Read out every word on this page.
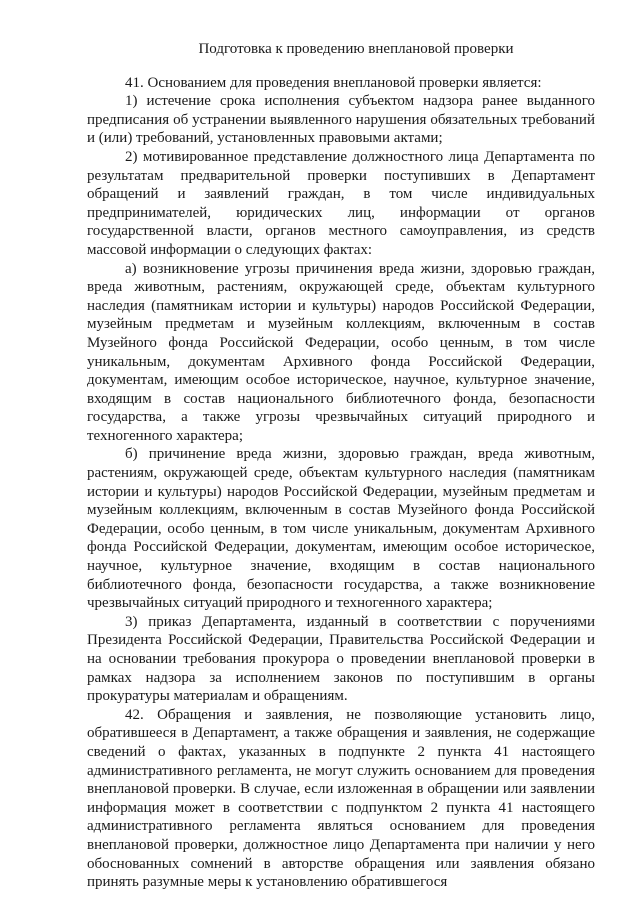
Подготовка к проведению внеплановой проверки

41. Основанием для проведения внеплановой проверки является:

1) истечение срока исполнения субъектом надзора ранее выданного предписания об устранении выявленного нарушения обязательных требований и (или) требований, установленных правовыми актами;

2) мотивированное представление должностного лица Департамента по результатам предварительной проверки поступивших в Департамент обращений и заявлений граждан, в том числе индивидуальных предпринимателей, юридических лиц, информации от органов государственной власти, органов местного самоуправления, из средств массовой информации о следующих фактах:

а) возникновение угрозы причинения вреда жизни, здоровью граждан, вреда животным, растениям, окружающей среде, объектам культурного наследия (памятникам истории и культуры) народов Российской Федерации, музейным предметам и музейным коллекциям, включенным в состав Музейного фонда Российской Федерации, особо ценным, в том числе уникальным, документам Архивного фонда Российской Федерации, документам, имеющим особое историческое, научное, культурное значение, входящим в состав национального библиотечного фонда, безопасности государства, а также угрозы чрезвычайных ситуаций природного и техногенного характера;

б) причинение вреда жизни, здоровью граждан, вреда животным, растениям, окружающей среде, объектам культурного наследия (памятникам истории и культуры) народов Российской Федерации, музейным предметам и музейным коллекциям, включенным в состав Музейного фонда Российской Федерации, особо ценным, в том числе уникальным, документам Архивного фонда Российской Федерации, документам, имеющим особое историческое, научное, культурное значение, входящим в состав национального библиотечного фонда, безопасности государства, а также возникновение чрезвычайных ситуаций природного и техногенного характера;

3) приказ Департамента, изданный в соответствии с поручениями Президента Российской Федерации, Правительства Российской Федерации и на основании требования прокурора о проведении внеплановой проверки в рамках надзора за исполнением законов по поступившим в органы прокуратуры материалам и обращениям.

42. Обращения и заявления, не позволяющие установить лицо, обратившееся в Департамент, а также обращения и заявления, не содержащие сведений о фактах, указанных в подпункте 2 пункта 41 настоящего административного регламента, не могут служить основанием для проведения внеплановой проверки. В случае, если изложенная в обращении или заявлении информация может в соответствии с подпунктом 2 пункта 41 настоящего административного регламента являться основанием для проведения внеплановой проверки, должностное лицо Департамента при наличии у него обоснованных сомнений в авторстве обращения или заявления обязано принять разумные меры к установлению обратившегося
